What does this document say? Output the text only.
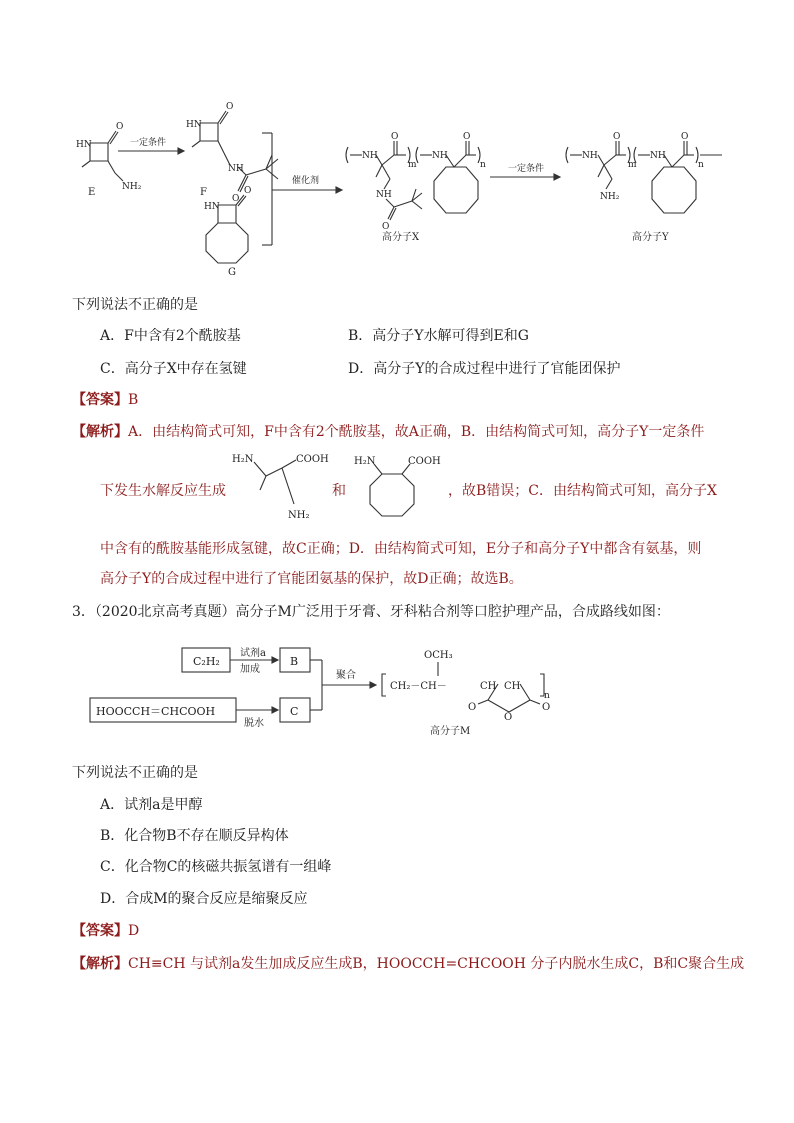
HN
O
NH₂
E
一定条件
HN
O
NH
O
F
HN
O
G
催化剂
NH
O
m
NH
O
NH
O
n
高分子X
一定条件
NH
O
m
NH₂
NH
O
n
高分子Y
下列说法不正确的是
A．F中含有2个酰胺基	B．高分子Y水解可得到E和G
C．高分子X中存在氢键	D．高分子Y的合成过程中进行了官能团保护
【答案】B
【解析】A．由结构简式可知，F中含有2个酰胺基，故A正确，B．由结构简式可知，高分子Y一定条件
下发生水解反应生成
H₂N	COOH
NH₂
和
H₂N	COOH
，故B错误；C．由结构简式可知，高分子X
中含有的酰胺基能形成氢键，故C正确；D．由结构简式可知，E分子和高分子Y中都含有氨基，则
高分子Y的合成过程中进行了官能团氨基的保护，故D正确；故选B。
3．（2020北京高考真题）高分子M广泛用于牙膏、牙科粘合剂等口腔护理产品，合成路线如图：
C₂H₂
试剂a
加成
B
HOOCCH＝CHCOOH
脱水
C
聚合
OCH₃
CH₂－CH－	CH CH
n
O
O
O
高分子M
下列说法不正确的是
A．试剂a是甲醇
B．化合物B不存在顺反异构体
C．化合物C的核磁共振氢谱有一组峰
D．合成M的聚合反应是缩聚反应
【答案】D
【解析】CH≡CH 与试剂a发生加成反应生成B，HOOCCH=CHCOOH 分子内脱水生成C，B和C聚合生成
